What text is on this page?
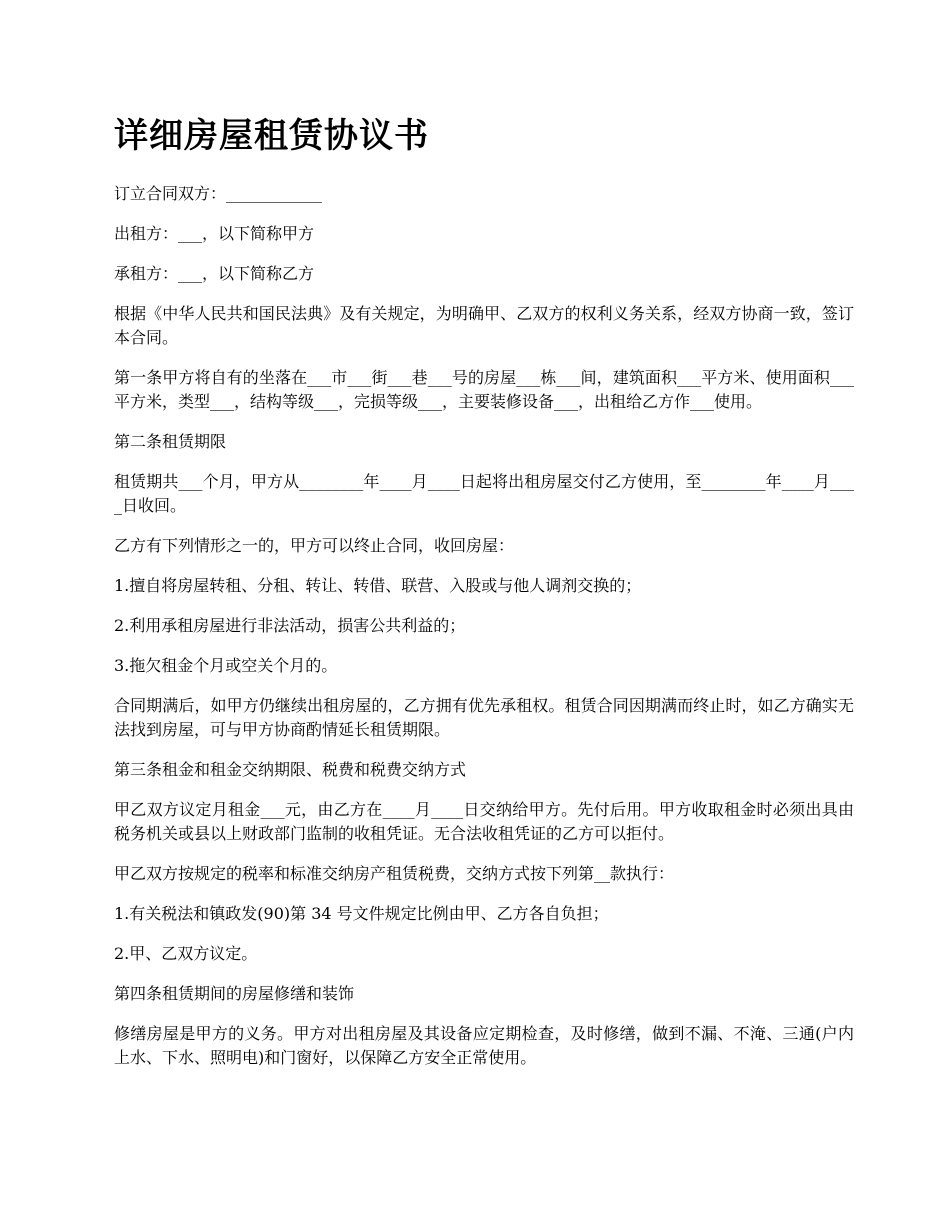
详细房屋租赁协议书

订立合同双方：____________

出租方：___，以下简称甲方

承租方：___，以下简称乙方

根据《中华人民共和国民法典》及有关规定，为明确甲、乙双方的权利义务关系，经双方协商一致，签订本合同。

第一条甲方将自有的坐落在___市___街___巷___号的房屋___栋___间，建筑面积___平方米、使用面积___平方米，类型___，结构等级___，完损等级___，主要装修设备___，出租给乙方作___使用。

第二条租赁期限

租赁期共___个月，甲方从________年____月____日起将出租房屋交付乙方使用，至________年____月____日收回。

乙方有下列情形之一的，甲方可以终止合同，收回房屋：

1.擅自将房屋转租、分租、转让、转借、联营、入股或与他人调剂交换的；

2.利用承租房屋进行非法活动，损害公共利益的；

3.拖欠租金个月或空关个月的。

合同期满后，如甲方仍继续出租房屋的，乙方拥有优先承租权。租赁合同因期满而终止时，如乙方确实无法找到房屋，可与甲方协商酌情延长租赁期限。

第三条租金和租金交纳期限、税费和税费交纳方式

甲乙双方议定月租金___元，由乙方在____月____日交纳给甲方。先付后用。甲方收取租金时必须出具由税务机关或县以上财政部门监制的收租凭证。无合法收租凭证的乙方可以拒付。

甲乙双方按规定的税率和标准交纳房产租赁税费，交纳方式按下列第__款执行：

1.有关税法和镇政发(90)第 34 号文件规定比例由甲、乙方各自负担；

2.甲、乙双方议定。

第四条租赁期间的房屋修缮和装饰

修缮房屋是甲方的义务。甲方对出租房屋及其设备应定期检查，及时修缮，做到不漏、不淹、三通(户内上水、下水、照明电)和门窗好，以保障乙方安全正常使用。
